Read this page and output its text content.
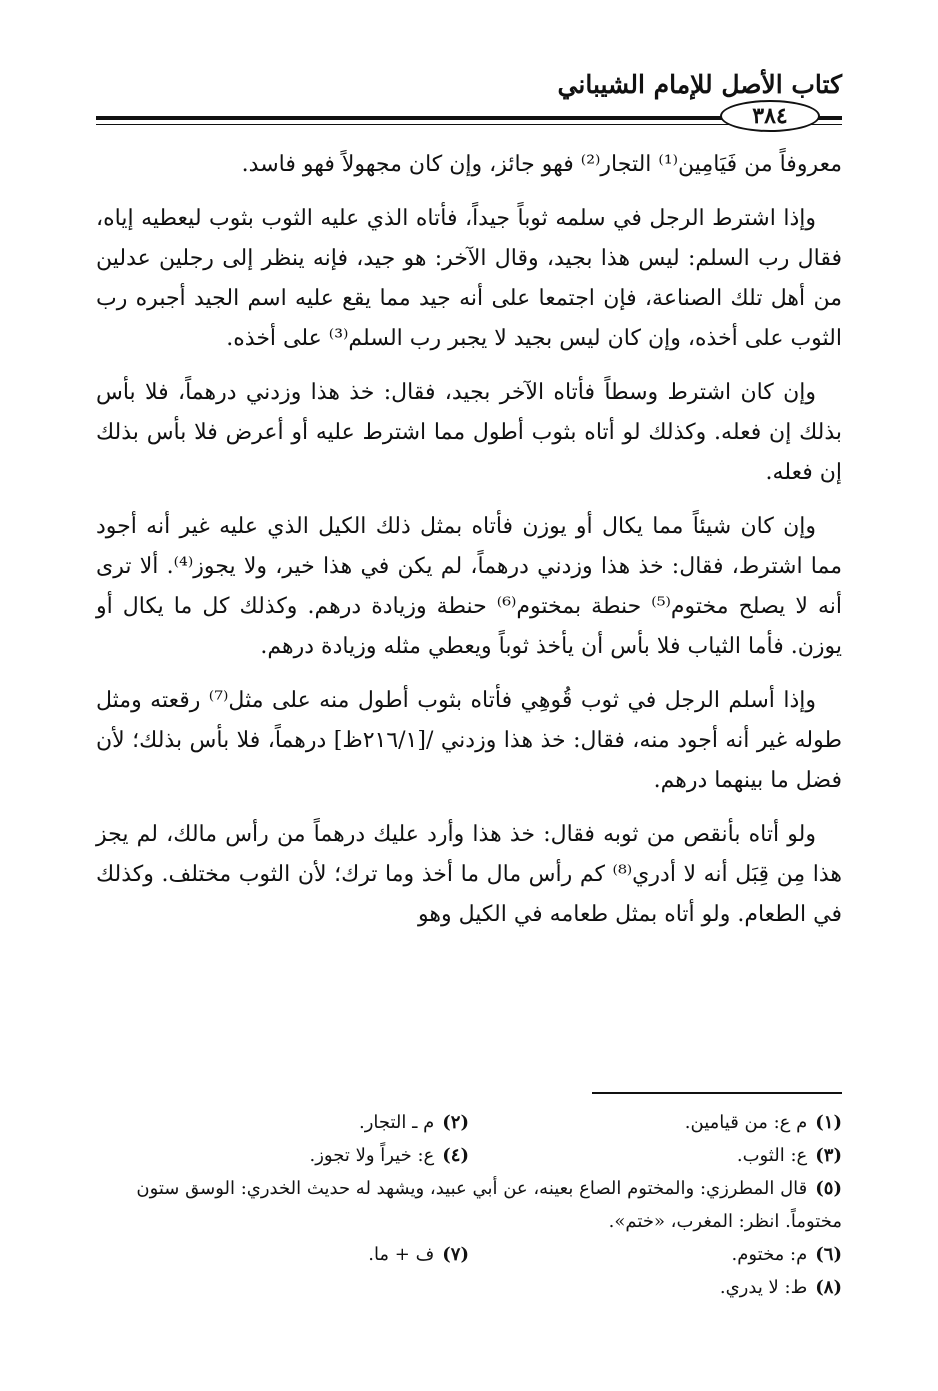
كتاب الأصل للإمام الشيباني
٣٨٤

معروفاً من فَيَامِين⁽¹⁾ التجار⁽²⁾ فهو جائز، وإن كان مجهولاً فهو فاسد.

وإذا اشترط الرجل في سلمه ثوباً جيداً، فأتاه الذي عليه الثوب بثوب ليعطيه إياه، فقال رب السلم: ليس هذا بجيد، وقال الآخر: هو جيد، فإنه ينظر إلى رجلين عدلين من أهل تلك الصناعة، فإن اجتمعا على أنه جيد مما يقع عليه اسم الجيد أجبره رب الثوب على أخذه، وإن كان ليس بجيد لا يجبر رب السلم⁽³⁾ على أخذه.

وإن كان اشترط وسطاً فأتاه الآخر بجيد، فقال: خذ هذا وزدني درهماً، فلا بأس بذلك إن فعله. وكذلك لو أتاه بثوب أطول مما اشترط عليه أو أعرض فلا بأس بذلك إن فعله.

وإن كان شيئاً مما يكال أو يوزن فأتاه بمثل ذلك الكيل الذي عليه غير أنه أجود مما اشترط، فقال: خذ هذا وزدني درهماً، لم يكن في هذا خير، ولا يجوز⁽⁴⁾. ألا ترى أنه لا يصلح مختوم⁽⁵⁾ حنطة بمختوم⁽⁶⁾ حنطة وزيادة درهم. وكذلك كل ما يكال أو يوزن. فأما الثياب فلا بأس أن يأخذ ثوباً ويعطي مثله وزيادة درهم.

وإذا أسلم الرجل في ثوب قُوهِي فأتاه بثوب أطول منه على مثل⁽⁷⁾ رقعته ومثل طوله غير أنه أجود منه، فقال: خذ هذا وزدني /[٢١٦/١ظ] درهماً، فلا بأس بذلك؛ لأن فضل ما بينهما درهم.

ولو أتاه بأنقص من ثوبه فقال: خذ هذا وأرد عليك درهماً من رأس مالك، لم يجز هذا مِن قِبَل أنه لا أدري⁽⁸⁾ كم رأس مال ما أخذ وما ترك؛ لأن الثوب مختلف. وكذلك في الطعام. ولو أتاه بمثل طعامه في الكيل وهو

(١)م ع: من قيامين.
(٢)م ـ التجار.
(٣)ع: الثوب.
(٤)ع: خيراً ولا تجوز.
(٥)قال المطرزي: والمختوم الصاع بعينه، عن أبي عبيد، ويشهد له حديث الخدري: الوسق ستون مختوماً. انظر: المغرب، «ختم».
(٦)م: مختوم.
(٧)ف + ما.
(٨)ط: لا يدري.
